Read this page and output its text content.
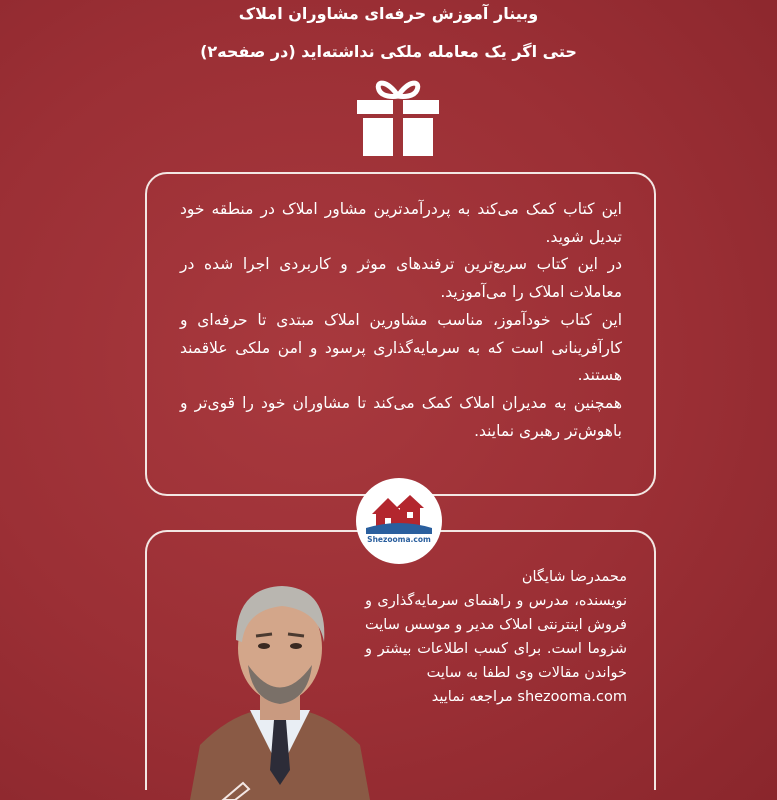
وبینار آموزش حرفه‌ای مشاوران املاک
حتی اگر یک معامله ملکی نداشته‌اید (در صفحه۲)

این کتاب کمک می‌کند به پردرآمدترین مشاور املاک در منطقه خود تبدیل شوید.

در این کتاب سریع‌ترین ترفندهای موثر و کاربردی اجرا شده در معاملات املاک را می‌آموزید.

این کتاب خودآموز، مناسب مشاورین املاک مبتدی تا حرفه‌ای و کارآفرینانی است که به سرمایه‌گذاری پرسود و امن ملکی علاقمند هستند.

همچنین به مدیران املاک کمک می‌کند تا مشاوران خود را قوی‌تر و باهوش‌تر رهبری نمایند.

Shezooma.com

محمدرضا شایگان

نویسنده، مدرس و راهنمای سرمایه‌گذاری و فروش اینترنتی املاک مدیر و موسس سایت شزوما است. برای کسب اطلاعات بیشتر و خواندن مقالات وی لطفا به سایت

shezooma.com مراجعه نمایید
